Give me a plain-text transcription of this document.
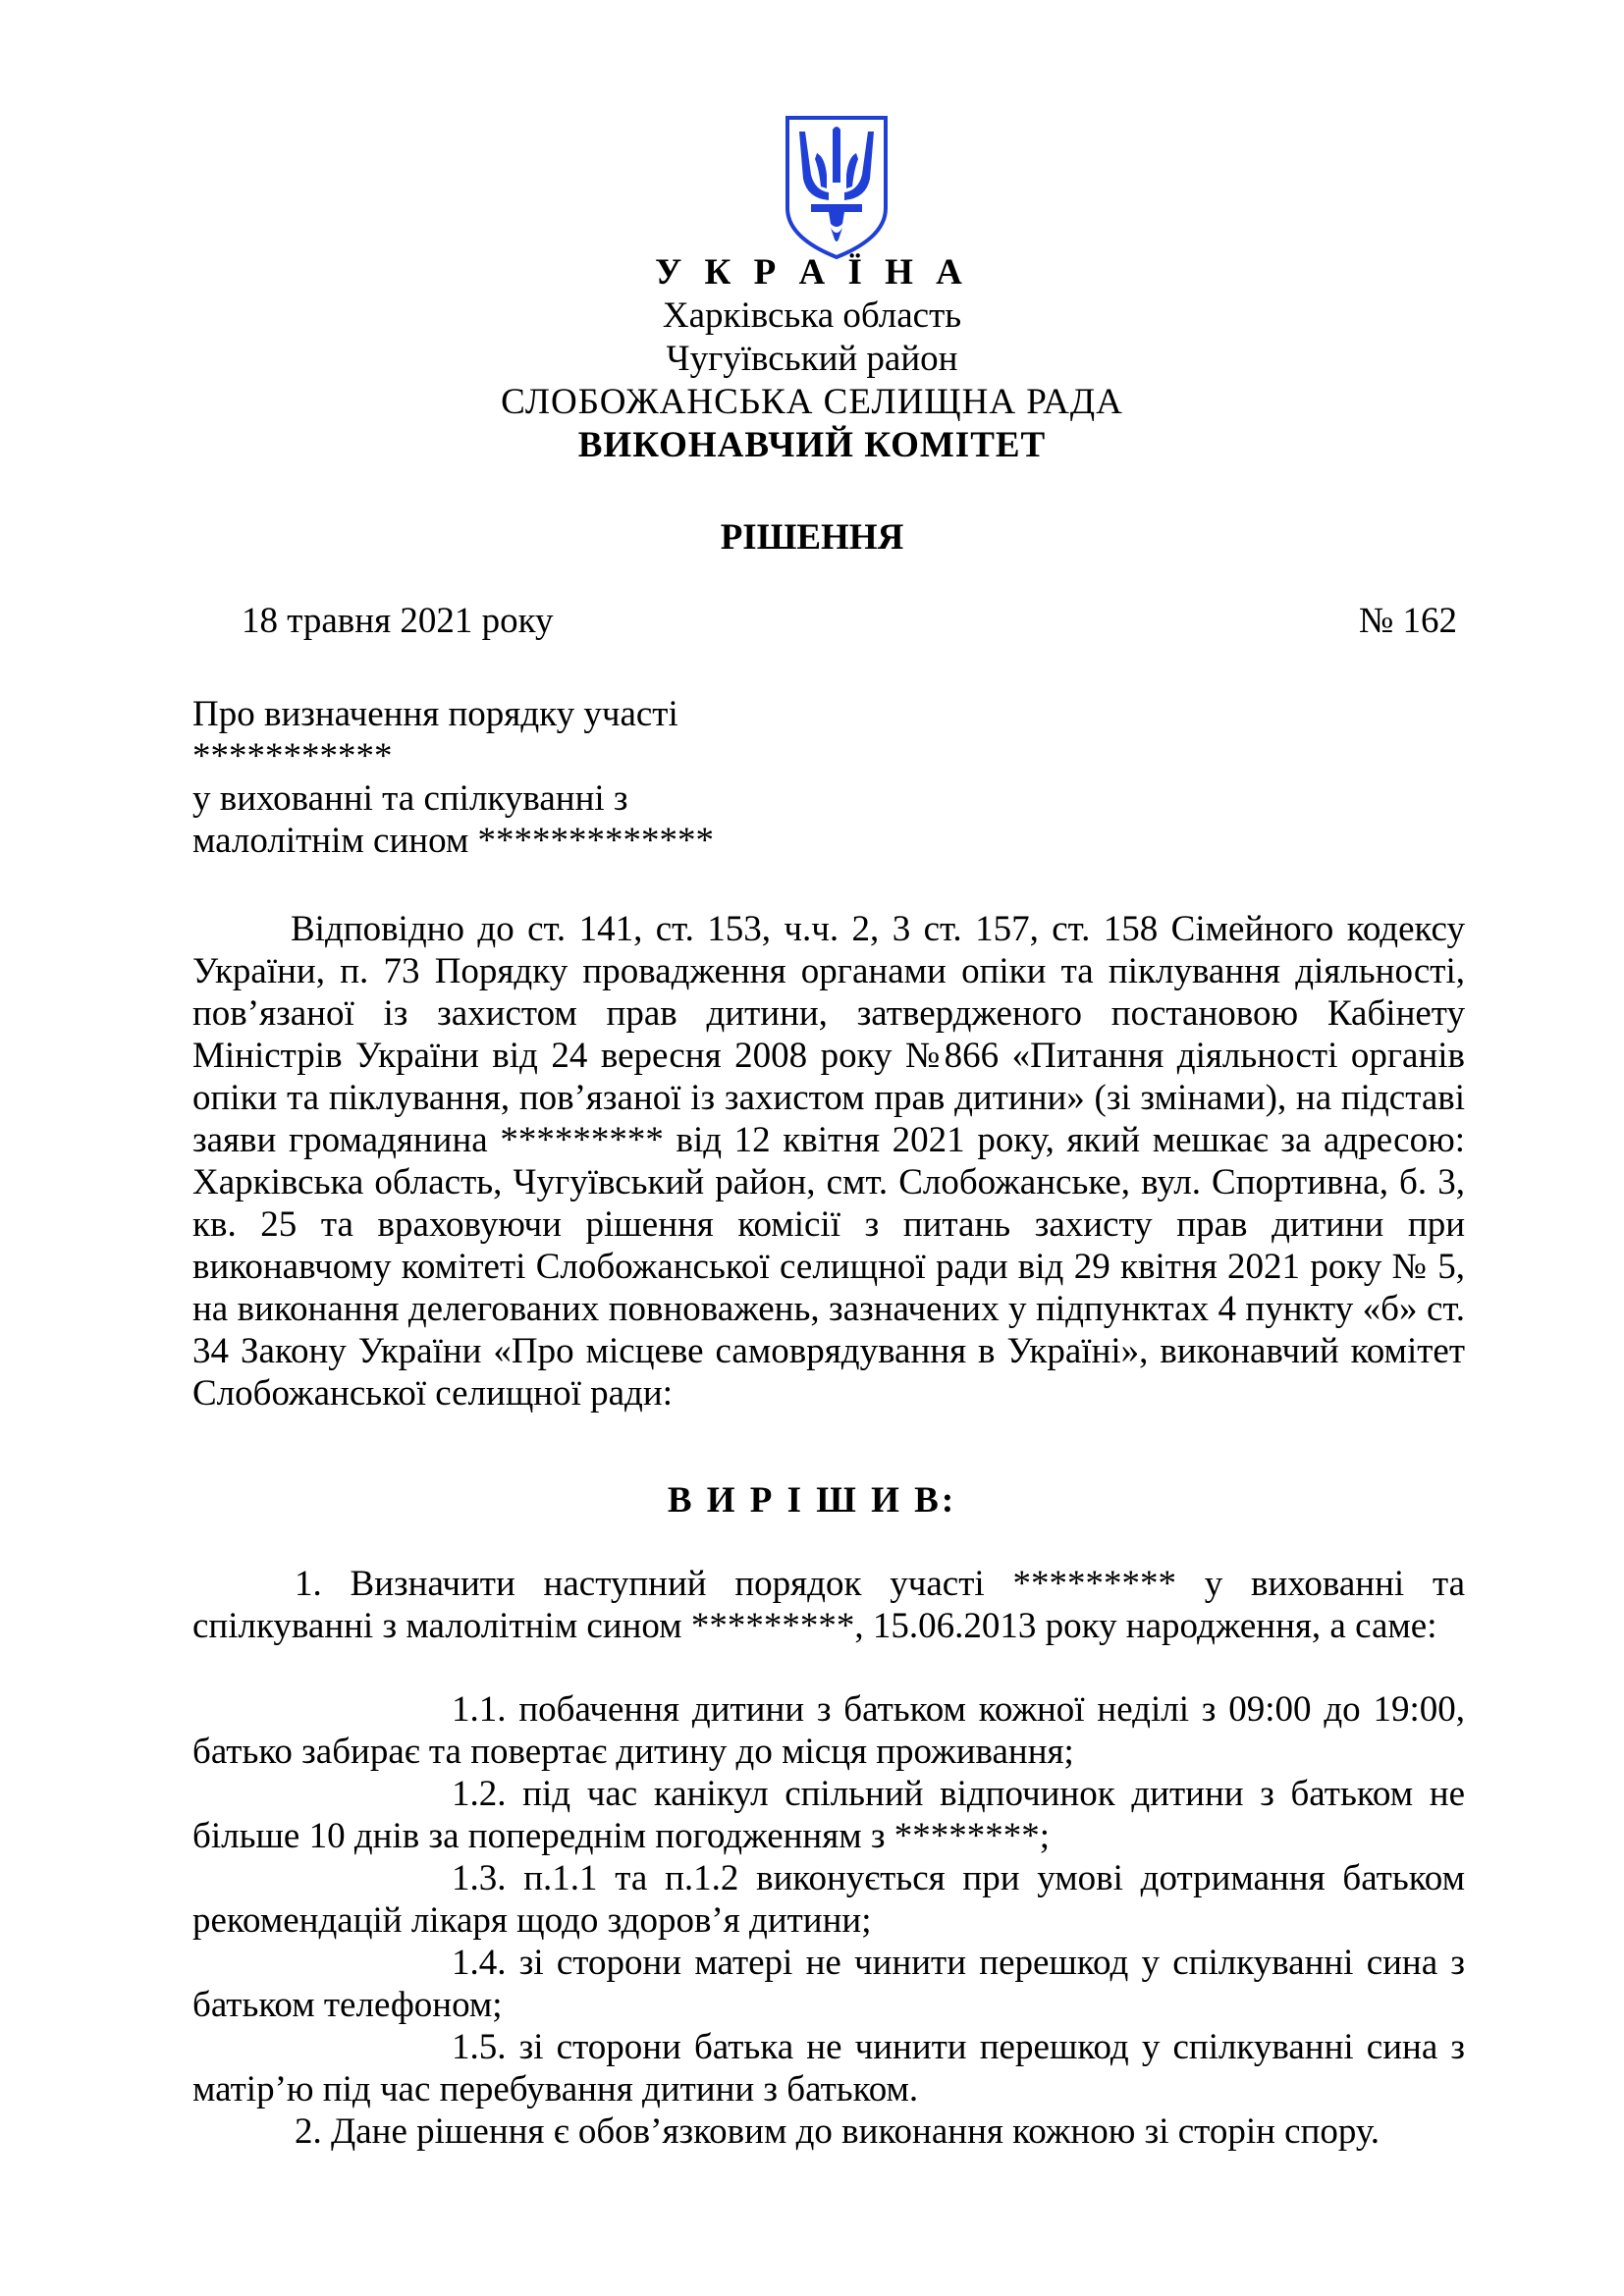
У К Р А Ї Н А
Харківська область
Чугуївський район
СЛОБОЖАНСЬКА СЕЛИЩНА РАДА
ВИКОНАВЧИЙ КОМІТЕТ
РІШЕННЯ
18 травня 2021 року	№ 162
Про визначення порядку участі
***********
у вихованні та спілкуванні з
малолітнім сином *************
Відповідно до ст. 141, ст. 153, ч.ч. 2, 3 ст. 157, ст. 158 Сімейного кодексу України, п. 73 Порядку провадження органами опіки та піклування діяльності, пов’язаної із захистом прав дитини, затвердженого постановою Кабінету Міністрів України від 24 вересня 2008 року №866 «Питання діяльності органів опіки та піклування, пов’язаної із захистом прав дитини» (зі змінами), на підставі заяви громадянина ********* від 12 квітня 2021 року, який мешкає за адресою: Харківська область, Чугуївський район, смт. Слобожанське, вул. Спортивна, б. 3, кв. 25 та враховуючи рішення комісії з питань захисту прав дитини при виконавчому комітеті Слобожанської селищної ради від 29 квітня 2021 року № 5, на виконання делегованих повноважень, зазначених у підпунктах 4 пункту «б» ст. 34 Закону України «Про місцеве самоврядування в Україні», виконавчий комітет Слобожанської селищної ради:
В И Р І Ш И В:
1. Визначити наступний порядок участі ********* у вихованні та спілкуванні з малолітнім сином *********, 15.06.2013 року народження, а саме:
1.1. побачення дитини з батьком кожної неділі з 09:00 до 19:00, батько забирає та повертає дитину до місця проживання;
1.2. під час канікул спільний відпочинок дитини з батьком не більше 10 днів за попереднім погодженням з ********;
1.3. п.1.1 та п.1.2 виконується при умові дотримання батьком рекомендацій лікаря щодо здоров’я дитини;
1.4. зі сторони матері не чинити перешкод у спілкуванні сина з батьком телефоном;
1.5. зі сторони батька не чинити перешкод у спілкуванні сина з матір’ю під час перебування дитини з батьком.
2. Дане рішення є обов’язковим до виконання кожною зі сторін спору.
